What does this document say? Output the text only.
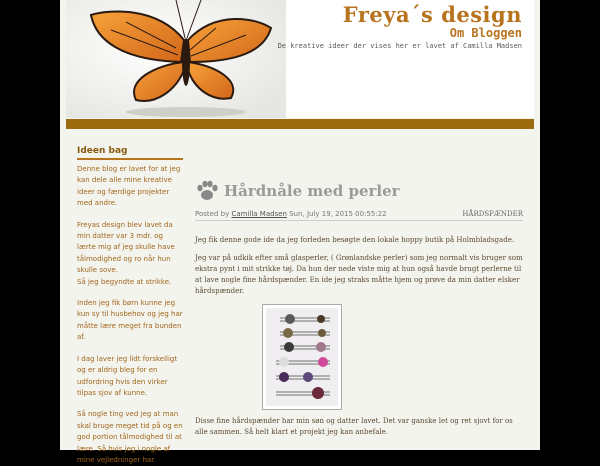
Freya´s design
Om Bloggen
De kreative ideer der vises her er lavet af Camilla Madsen
Ideen bag

Denne blog er lavet for at jeg kan dele alle mine kreative ideer og færdige projekter med andre.

Freyas design blev lavet da min datter var 3 mdr. og lærte mig af jeg skulle have tålmodighed og ro når hun skulle sove.

Så jeg begyndte at strikke.

Inden jeg fik børn kunne jeg kun sy til husbehov og jeg har måtte lære meget fra bunden af.

I dag laver jeg lidt forskelligt og er aldrig bleg for en udfordring hvis den virker tilpas sjov af kunne.

Så nogle ting ved jeg at man skal bruge meget tid på og en god portion tålmodighed til at lære. Så hvis jeg i nogle af mine vejledninger har

Hårdnåle med perler
Posted by Camilla Madsen Sun, July 19, 2015 00:55:22	HÅRDSPÆNDER

Jeg fik denne gode ide da jeg forleden besøgte den lokale hoppy butik på Holmbladsgade.

Jeg var på udkik efter små glasperler, ( Grønlandske perler) som jeg normalt vis bruger som ekstra pynt i mit strikke tøj. Da hun der nede viste mig at hun også havde brugt perlerne til at lave nogle fine hårdspænder. En ide jeg straks måtte hjem og prøve da min datter elsker hårdspænder.

Disse fine hårdspænder har min søn og datter lavet. Det var ganske let og ret sjovt for os alle sammen. Så helt klart et projekt jeg kan anbefale.
